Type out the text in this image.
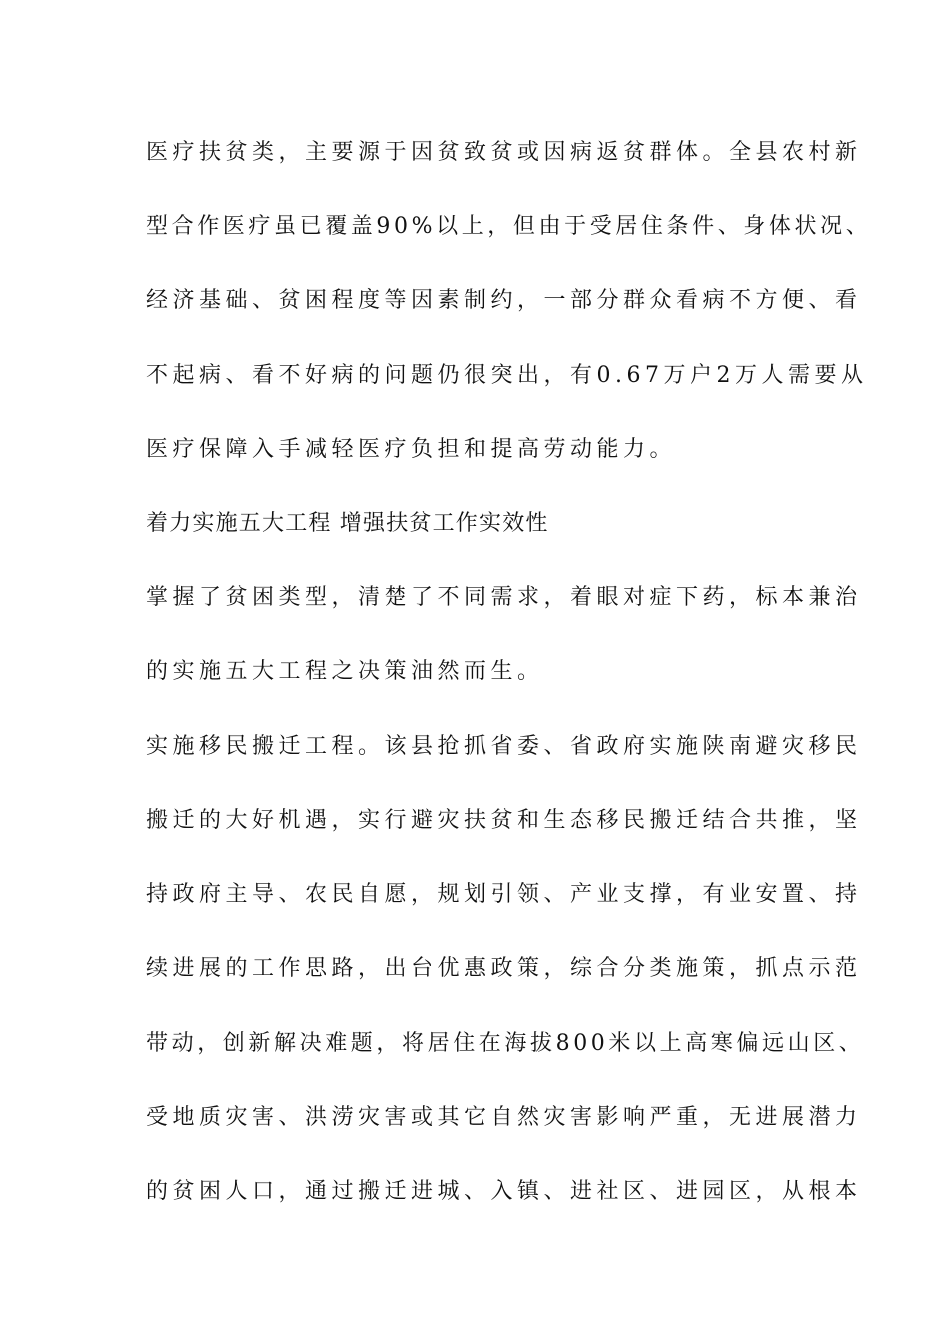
医疗扶贫类，主要源于因贫致贫或因病返贫群体。全县农村新
型合作医疗虽已覆盖90%以上，但由于受居住条件、身体状况、
经济基础、贫困程度等因素制约，一部分群众看病不方便、看
不起病、看不好病的问题仍很突出，有0.67万户2万人需要从
医疗保障入手减轻医疗负担和提高劳动能力。
着力实施五大工程 增强扶贫工作实效性
掌握了贫困类型，清楚了不同需求，着眼对症下药，标本兼治
的实施五大工程之决策油然而生。
实施移民搬迁工程。该县抢抓省委、省政府实施陕南避灾移民
搬迁的大好机遇，实行避灾扶贫和生态移民搬迁结合共推，坚
持政府主导、农民自愿，规划引领、产业支撑，有业安置、持
续进展的工作思路，出台优惠政策，综合分类施策，抓点示范
带动，创新解决难题，将居住在海拔800米以上高寒偏远山区、
受地质灾害、洪涝灾害或其它自然灾害影响严重，无进展潜力
的贫困人口，通过搬迁进城、入镇、进社区、进园区，从根本
